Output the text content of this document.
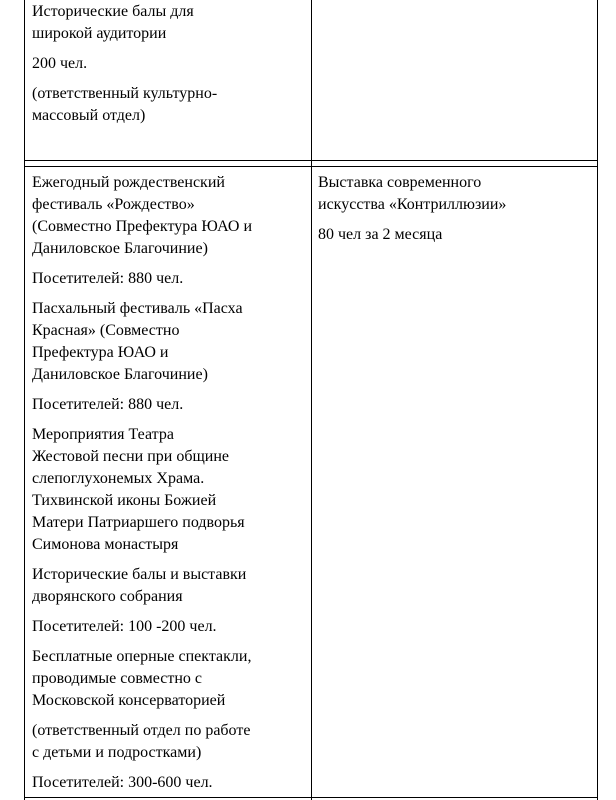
Исторические балы для
широкой аудитории

200 чел.

(ответственный культурно-
массовый отдел)

Ежегодный рождественский
фестиваль «Рождество»
(Совместно Префектура ЮАО и
Даниловское Благочиние)

Посетителей: 880 чел.

Пасхальный фестиваль «Пасха
Красная» (Совместно
Префектура ЮАО и
Даниловское Благочиние)

Посетителей: 880 чел.

Мероприятия Театра
Жестовой песни при общине
слепоглухонемых Храма.
Тихвинской иконы Божией
Матери Патриаршего подворья
Симонова монастыря

Исторические балы и выставки
дворянского собрания

Посетителей: 100 -200 чел.

Бесплатные оперные спектакли,
проводимые совместно с
Московской консерваторией

(ответственный отдел по работе
с детьми и подростками)

Посетителей: 300-600 чел.

Выставка современного
искусства «Контриллюзии»

80 чел за 2 месяца
